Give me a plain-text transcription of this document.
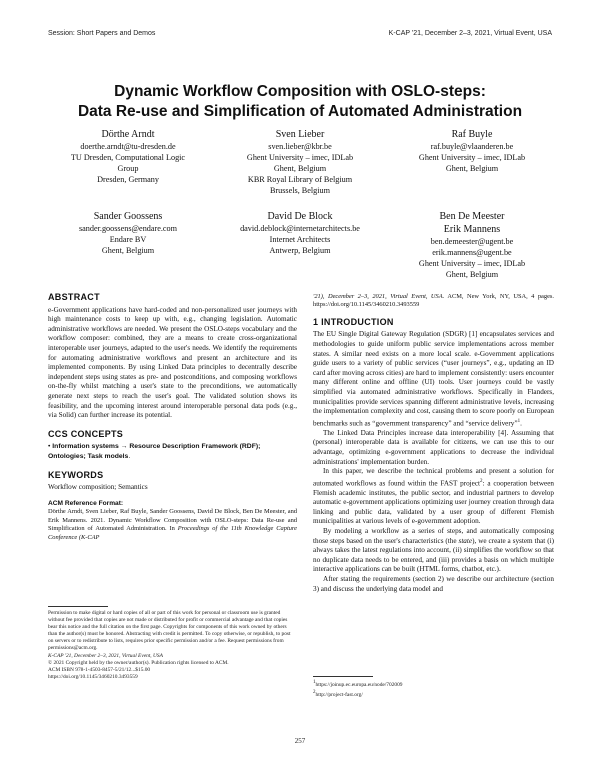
Session: Short Papers and Demos	K-CAP '21, December 2–3, 2021, Virtual Event, USA
Dynamic Workflow Composition with OSLO-steps:
Data Re-use and Simplification of Automated Administration
Dörthe Arndt
doerthe.arndt@tu-dresden.de
TU Dresden, Computational Logic
Group
Dresden, Germany
Sven Lieber
sven.lieber@kbr.be
Ghent University – imec, IDLab
Ghent, Belgium
KBR Royal Library of Belgium
Brussels, Belgium
Raf Buyle
raf.buyle@vlaanderen.be
Ghent University – imec, IDLab
Ghent, Belgium
Sander Goossens
sander.goossens@endare.com
Endare BV
Ghent, Belgium
David De Block
david.deblock@internetarchitects.be
Internet Architects
Antwerp, Belgium
Ben De Meester
Erik Mannens
ben.demeester@ugent.be
erik.mannens@ugent.be
Ghent University – imec, IDLab
Ghent, Belgium
ABSTRACT

e-Government applications have hard-coded and non-personalized user journeys with high maintenance costs to keep up with, e.g., changing legislation. Automatic administrative workflows are needed. We present the OSLO-steps vocabulary and the workflow composer: combined, they are a means to create cross-organizational interoperable user journeys, adapted to the user's needs. We identify the requirements for automating administrative workflows and present an architecture and its implemented components. By using Linked Data principles to decentrally describe independent steps using states as pre- and postconditions, and composing workflows on-the-fly whilst matching a user's state to the preconditions, we automatically generate next steps to reach the user's goal. The validated solution shows its feasibility, and the upcoming interest around interoperable personal data pods (e.g., via Solid) can further increase its potential.

CCS CONCEPTS

• Information systems → Resource Description Framework (RDF);
Ontologies; Task models.

KEYWORDS

Workflow composition; Semantics

ACM Reference Format:

Dörthe Arndt, Sven Lieber, Raf Buyle, Sander Goossens, David De Block, Ben De Meester, and Erik Mannens. 2021. Dynamic Workflow Composition with OSLO-steps: Data Re-use and Simplification of Automated Administration. In Proceedings of the 11th Knowledge Capture Conference (K-CAP

Permission to make digital or hard copies of all or part of this work for personal or classroom use is granted without fee provided that copies are not made or distributed for profit or commercial advantage and that copies bear this notice and the full citation on the first page. Copyrights for components of this work owned by others than the author(s) must be honored. Abstracting with credit is permitted. To copy otherwise, or republish, to post on servers or to redistribute to lists, requires prior specific permission and/or a fee. Request permissions from permissions@acm.org.

K-CAP '21, December 2–3, 2021, Virtual Event, USA

© 2021 Copyright held by the owner/author(s). Publication rights licensed to ACM.

ACM ISBN 978-1-4503-8457-5/21/12...$15.00

https://doi.org/10.1145/3460210.3493559

'21), December 2–3, 2021, Virtual Event, USA. ACM, New York, NY, USA, 4 pages. https://doi.org/10.1145/3460210.3493559

1 INTRODUCTION

The EU Single Digital Gateway Regulation (SDGR) [1] encapsulates services and methodologies to guide uniform public service implementations across member states. A similar need exists on a more local scale. e-Government applications guide users to a variety of public services (“user journeys”, e.g., updating an ID card after moving across cities) are hard to implement consistently: users encounter many different online and offline (UI) tools. User journeys could be vastly simplified via automated administrative workflows. Specifically in Flanders, municipalities provide services spanning different administrative levels, increasing the implementation complexity and cost, causing them to score poorly on European benchmarks such as “government transparency” and “service delivery”$^1$.

The Linked Data Principles increase data interoperability [4]. Assuming that (personal) interoperable data is available for citizens, we can use this to our advantage, optimizing e-government applications to decrease the individual administrations' implementation burden.

In this paper, we describe the technical problems and present a solution for automated workflows as found within the FAST project$^2$: a cooperation between Flemish academic institutes, the public sector, and industrial partners to develop automatic e-government applications optimizing user journey creation through data linking and public data, validated by a user group of different Flemish municipalities at various levels of e-government adoption.

By modeling a workflow as a series of steps, and automatically composing those steps based on the user's characteristics (the state), we create a system that (i) always takes the latest regulations into account, (ii) simplifies the workflow so that no duplicate data needs to be entered, and (iii) provides a basis on which multiple interactive applications can be built (HTML forms, chatbot, etc.).

After stating the requirements (section 2) we describe our architecture (section 3) and discuss the underlying data model and

$^1$https://joinup.ec.europa.eu/node/702009

$^2$http://project-fast.org/

257
